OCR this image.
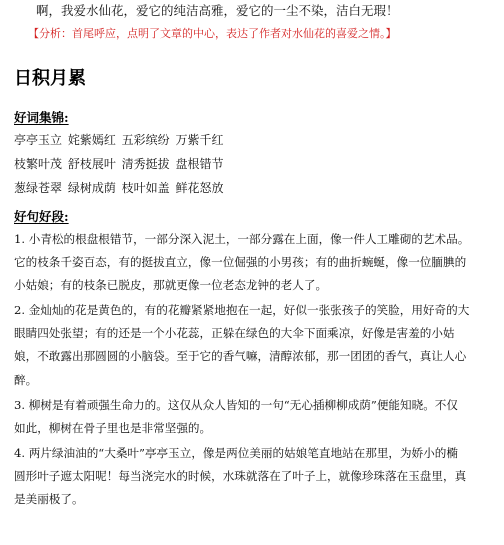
啊，我爱水仙花，爱它的纯洁高雅，爱它的一尘不染，洁白无瑕！
【分析：首尾呼应，点明了文章的中心，表达了作者对水仙花的喜爱之情。】
日积月累
好词集锦:
亭亭玉立 姹紫嫣红 五彩缤纷 万紫千红
枝繁叶茂 舒枝展叶 清秀挺拔 盘根错节
葱绿苍翠 绿树成荫 枝叶如盖 鲜花怒放
好句好段:
1. 小青松的根盘根错节，一部分深入泥土，一部分露在上面，像一件人工雕砌的艺术品。
它的枝条千姿百态，有的挺拔直立，像一位倔强的小男孩；有的曲折蜿蜒，像一位腼腆的
小姑娘；有的枝条已脱皮，那就更像一位老态龙钟的老人了。
2. 金灿灿的花是黄色的，有的花瓣紧紧地抱在一起，好似一张张孩子的笑脸，用好奇的大
眼睛四处张望；有的还是一个小花蕊，正躲在绿色的大伞下面乘凉，好像是害羞的小姑
娘，不敢露出那圆圆的小脑袋。至于它的香气嘛，清醇浓郁，那一团团的香气，真让人心
醉。
3. 柳树是有着顽强生命力的。这仅从众人皆知的一句“无心插柳柳成荫”便能知晓。不仅
如此，柳树在骨子里也是非常坚强的。
4. 两片绿油油的“大桑叶”亭亭玉立，像是两位美丽的姑娘笔直地站在那里，为娇小的椭
圆形叶子遮太阳呢！每当浇完水的时候，水珠就落在了叶子上，就像珍珠落在玉盘里，真
是美丽极了。
